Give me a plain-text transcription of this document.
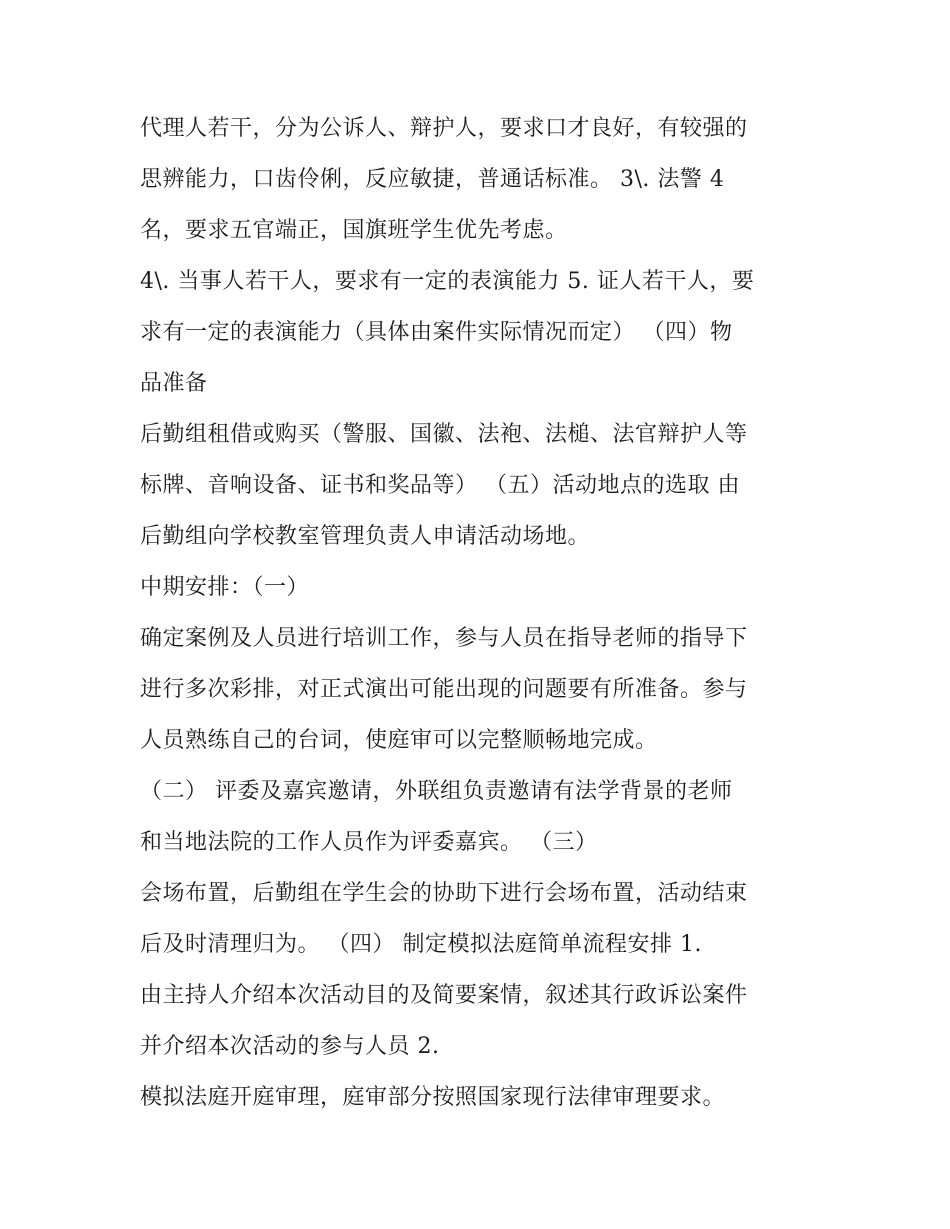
代理人若干，分为公诉人、辩护人，要求口才良好，有较强的
思辨能力，口齿伶俐，反应敏捷，普通话标准。 3\. 法警 4
名，要求五官端正，国旗班学生优先考虑。
4\. 当事人若干人，要求有一定的表演能力 5. 证人若干人，要
求有一定的表演能力（具体由案件实际情况而定） （四）物
品准备
后勤组租借或购买（警服、国徽、法袍、法槌、法官辩护人等
标牌、音响设备、证书和奖品等） （五）活动地点的选取 由
后勤组向学校教室管理负责人申请活动场地。
中期安排：（一）
确定案例及人员进行培训工作，参与人员在指导老师的指导下
进行多次彩排，对正式演出可能出现的问题要有所准备。参与
人员熟练自己的台词，使庭审可以完整顺畅地完成。
（二） 评委及嘉宾邀请，外联组负责邀请有法学背景的老师
和当地法院的工作人员作为评委嘉宾。 （三）
会场布置，后勤组在学生会的协助下进行会场布置，活动结束
后及时清理归为。 （四） 制定模拟法庭简单流程安排 1.
由主持人介绍本次活动目的及简要案情，叙述其行政诉讼案件
并介绍本次活动的参与人员 2.
模拟法庭开庭审理，庭审部分按照国家现行法律审理要求。
